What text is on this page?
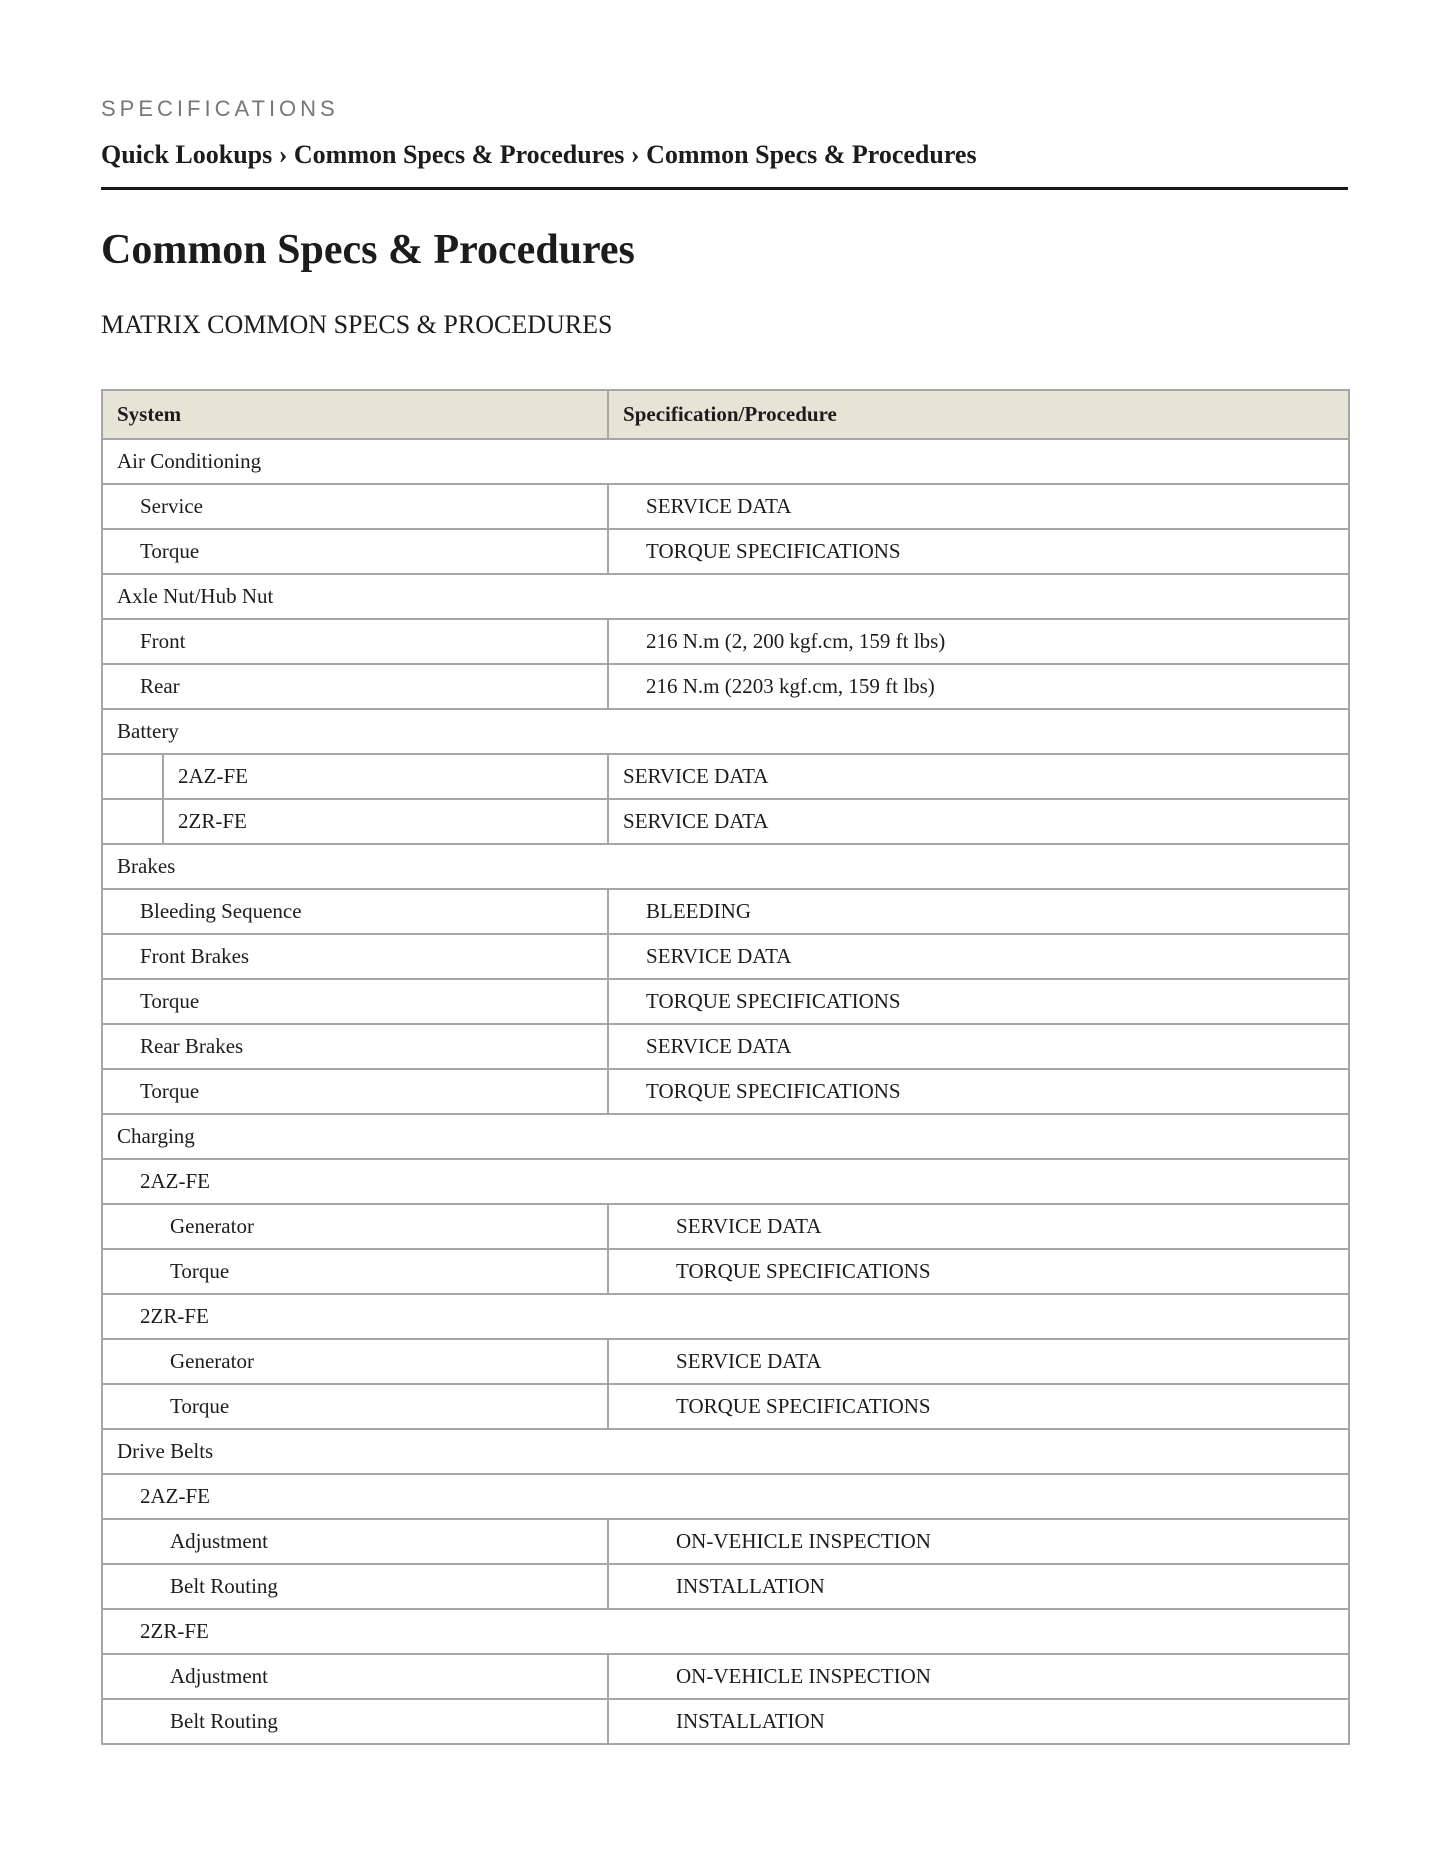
SPECIFICATIONS
Quick Lookups › Common Specs & Procedures › Common Specs & Procedures
Common Specs & Procedures
MATRIX COMMON SPECS & PROCEDURES
System		Specification/Procedure
Air Conditioning		
Service		SERVICE DATA
Torque		TORQUE SPECIFICATIONS
Axle Nut/Hub Nut		
Front		216 N.m (2, 200 kgf.cm, 159 ft lbs)
Rear		216 N.m (2203 kgf.cm, 159 ft lbs)
Battery		
	2AZ-FE	SERVICE DATA
	2ZR-FE	SERVICE DATA
Brakes		
Bleeding Sequence		BLEEDING
Front Brakes		SERVICE DATA
Torque		TORQUE SPECIFICATIONS
Rear Brakes		SERVICE DATA
Torque		TORQUE SPECIFICATIONS
Charging		
2AZ-FE		
Generator		SERVICE DATA
Torque		TORQUE SPECIFICATIONS
2ZR-FE		
Generator		SERVICE DATA
Torque		TORQUE SPECIFICATIONS
Drive Belts		
2AZ-FE		
Adjustment		ON-VEHICLE INSPECTION
Belt Routing		INSTALLATION
2ZR-FE		
Adjustment		ON-VEHICLE INSPECTION
Belt Routing		INSTALLATION
